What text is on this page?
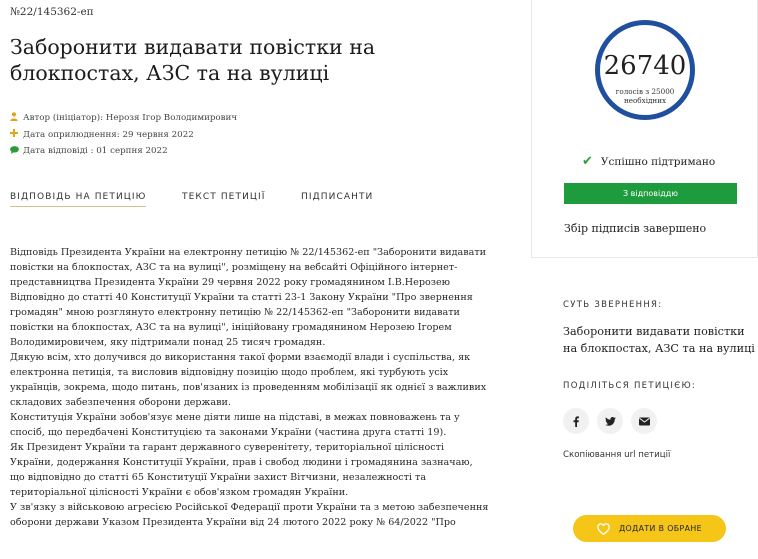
№22/145362-еп
Заборонити видавати повістки на блокпостах, АЗС та на вулиці
Автор (ініціатор): Нерозя Ігор Володимирович
Дата оприлюднення: 29 червня 2022
Дата відповіді : 01 серпня 2022
ВІДПОВІДЬ НА ПЕТИЦІЮ	ТЕКСТ ПЕТИЦІЇ	ПІДПИСАНТИ

Відповідь Президента України на електронну петицію № 22/145362-еп "Заборонити видавати повістки на блокпостах, АЗС та на вулиці", розміщену на вебсайті Офіційного інтернет-представництва Президента України 29 червня 2022 року громадянином І.В.Нерозею

Відповідно до статті 40 Конституції України та статті 23-1 Закону України "Про звернення громадян" мною розглянуто електронну петицію № 22/145362-еп "Заборонити видавати повістки на блокпостах, АЗС та на вулиці", ініційовану громадянином Нерозею Ігорем Володимировичем, яку підтримали понад 25 тисяч громадян.

Дякую всім, хто долучився до використання такої форми взаємодії влади і суспільства, як електронна петиція, та висловив відповідну позицію щодо проблем, які турбують усіх українців, зокрема, щодо питань, пов'язаних із проведенням мобілізації як однієї з важливих складових забезпечення оборони держави.

Конституція України зобов'язує мене діяти лише на підставі, в межах повноважень та у спосіб, що передбачені Конституцією та законами України (частина друга статті 19).

Як Президент України та гарант державного суверенітету, територіальної цілісності України, додержання Конституції України, прав і свобод людини і громадянина зазначаю, що відповідно до статті 65 Конституції України захист Вітчизни, незалежності та територіальної цілісності України є обов'язком громадян України.

У зв'язку з військовою агресією Російської Федерації проти України та з метою забезпечення оборони держави Указом Президента України від 24 лютого 2022 року № 64/2022 "Про

26740
голосів з 25000 необхідних
✔ Успішно підтримано
З відповіддю
Збір підписів завершено
СУТЬ ЗВЕРНЕННЯ:
Заборонити видавати повістки на блокпостах, АЗС та на вулиці
ПОДІЛІТЬСЯ ПЕТИЦІЄЮ:
Скопіювання url петиції
ДОДАТИ В ОБРАНЕ
